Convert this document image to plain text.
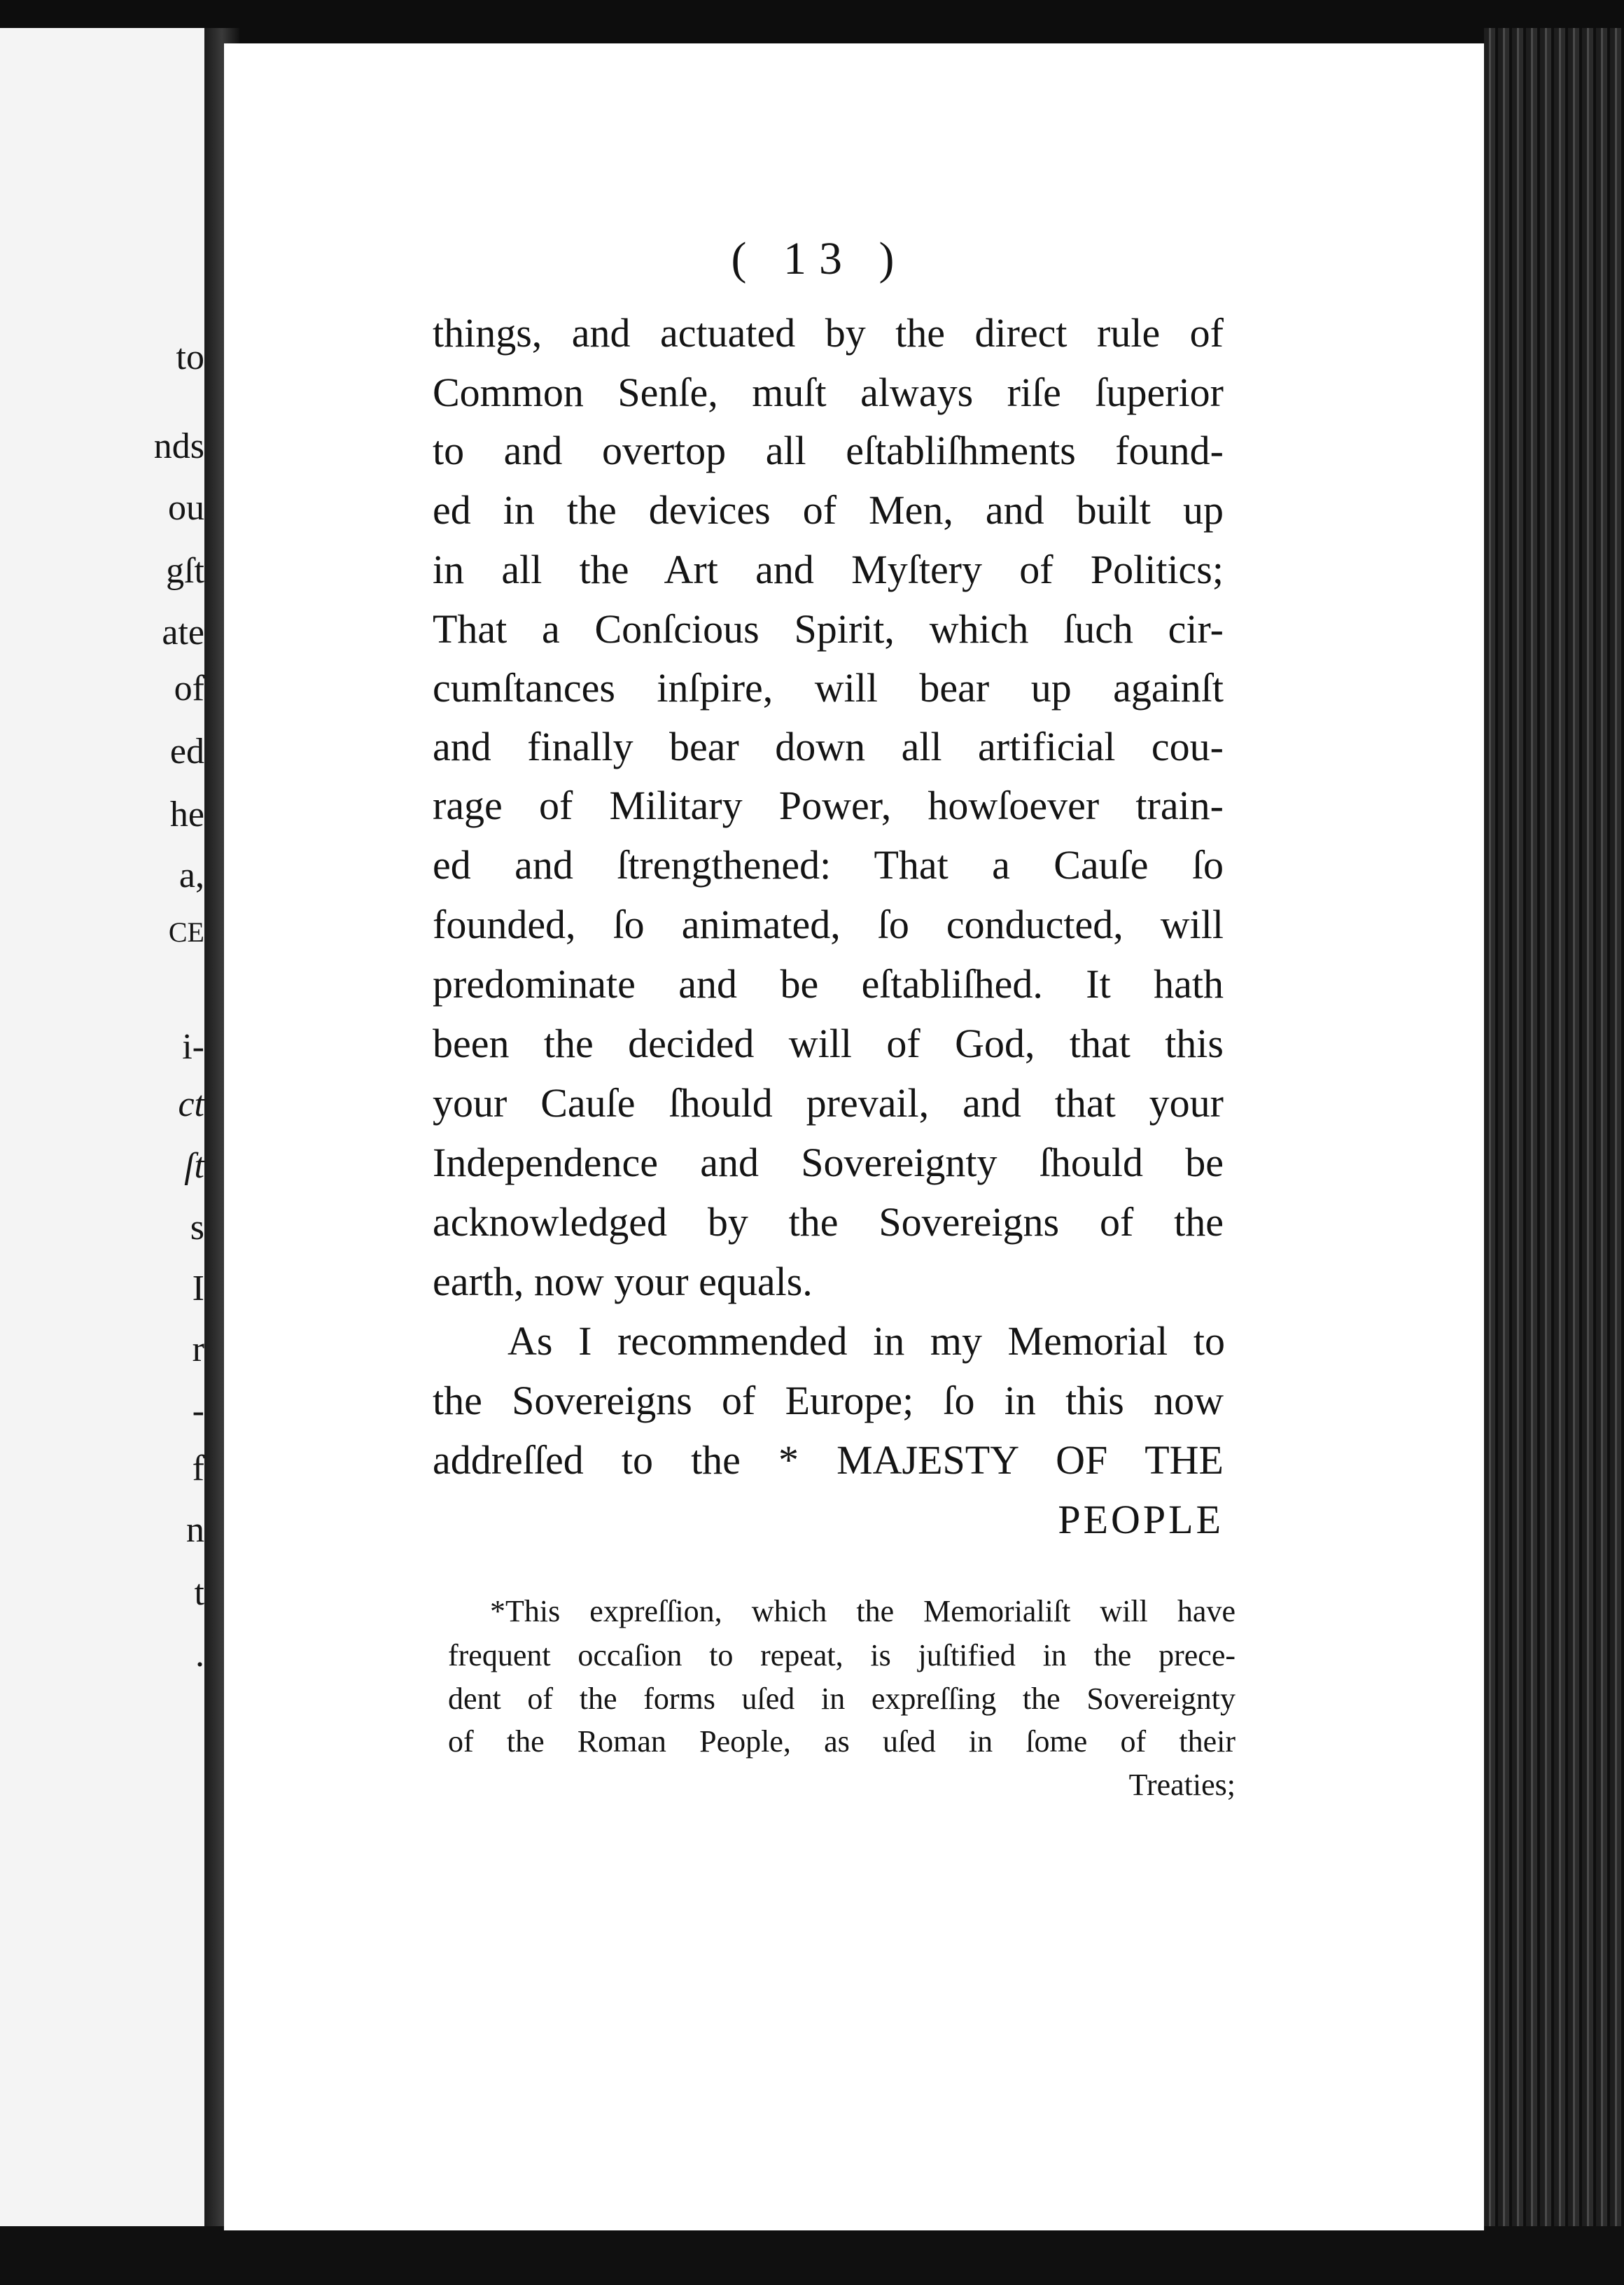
to
nds
ou
gſt
ate
of
ed
he
a,
CE
i-
ct
ſt
s
I
r
-
f
n
t
.
( 13 )
things, and actuated by the direct rule of
Common Senſe, muſt always riſe ſuperior
to and overtop all eſtabliſhments found-
ed in the devices of Men, and built up
in all the Art and Myſtery of Politics;
That a Conſcious Spirit, which ſuch cir-
cumſtances inſpire, will bear up againſt
and finally bear down all artificial cou-
rage of Military Power, howſoever train-
ed and ſtrengthened: That a Cauſe ſo
founded, ſo animated, ſo conducted, will
predominate and be eſtabliſhed. It hath
been the decided will of God, that this
your Cauſe ſhould prevail, and that your
Independence and Sovereignty ſhould be
acknowledged by the Sovereigns of the
earth, now your equals.
As I recommended in my Memorial to
the Sovereigns of Europe; ſo in this now
addreſſed to the * MAJESTY OF THE
PEOPLE
*This expreſſion, which the Memorialiſt will have
frequent occaſion to repeat, is juſtified in the prece-
dent of the forms uſed in expreſſing the Sovereignty
of the Roman People, as uſed in ſome of their
Treaties;
